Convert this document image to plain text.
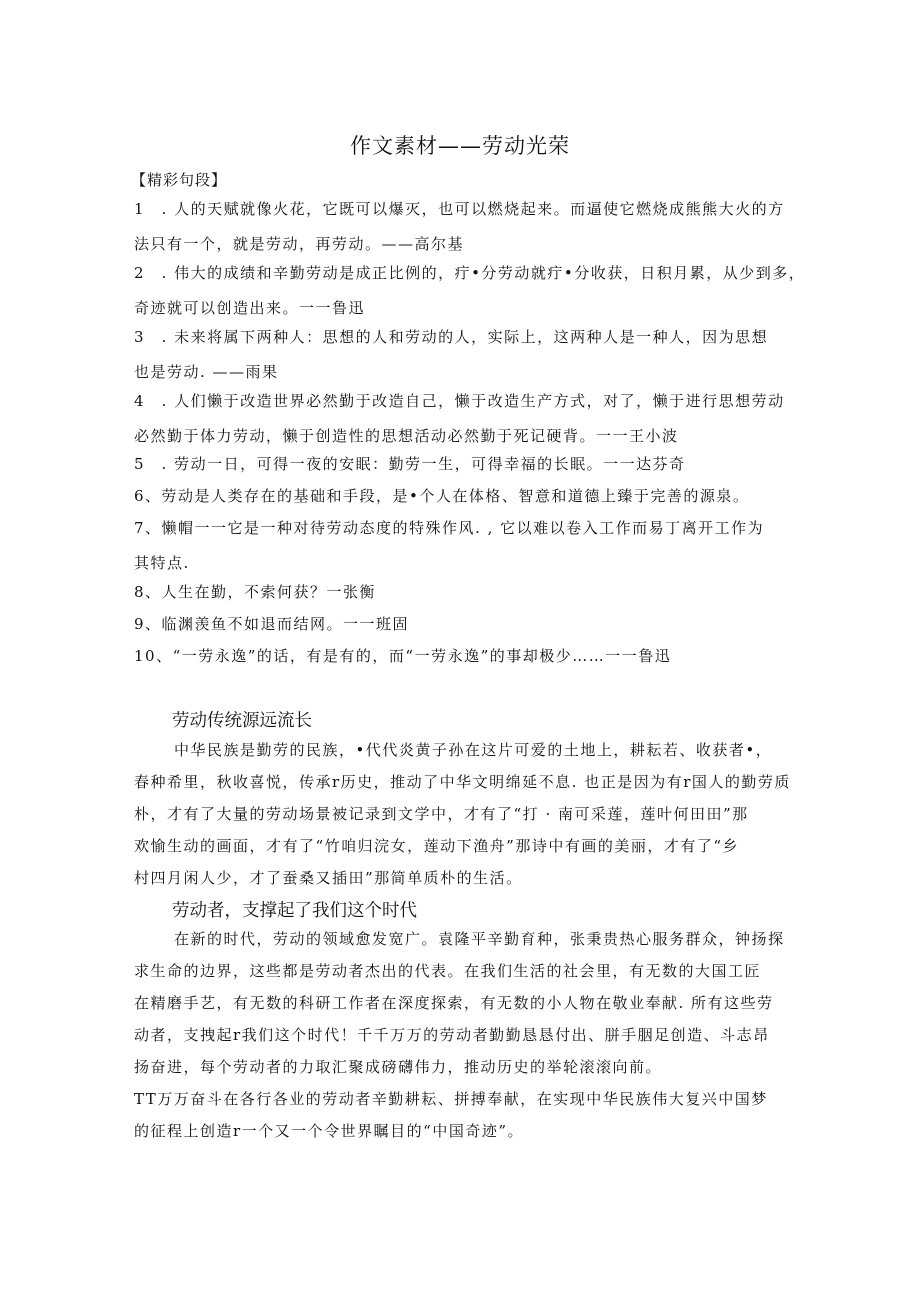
作文素材——劳动光荣
【精彩句段】
1　. 人的天赋就像火花，它既可以爆灭，也可以燃烧起来。而逼使它燃烧成熊熊大火的方
法只有一个，就是劳动，再劳动。——高尔基
2　. 伟大的成绩和辛勤劳动是成正比例的，疔•分劳动就疔•分收获，日积月累，从少到多，
奇迹就可以创造出来。一一鲁迅
3　. 未来将属下两种人：思想的人和劳动的人，实际上，这两种人是一种人，因为思想
也是劳动. ——雨果
4　. 人们懒于改造世界必然勤于改造自己，懒于改造生产方式，对了，懒于进行思想劳动
必然勤于体力劳动，懒于创造性的思想活动必然勤于死记硬背。一一王小波
5　. 劳动一日，可得一夜的安眠：勤劳一生，可得幸福的长眠。一一达芬奇
6、劳动是人类存在的基础和手段，是•个人在体格、智意和道德上臻于完善的源泉。
7、懒帽一一它是一种对待劳动态度的特殊作风. , 它以难以卷入工作而易丁离开工作为
其特点.
8、人生在勤，不索何获？一张衡
9、临渊羡鱼不如退而结网。一一班固
10、“一劳永逸”的话，有是有的，而“一劳永逸”的事却极少……一一鲁迅
劳动传统源远流长
中华民族是勤劳的民族，•代代炎黄子孙在这片可爱的土地上，耕耘若、收获者•，
春种希里，秋收喜悦，传承r历史，推动了中华文明绵延不息. 也正是因为有r国人的勤劳质
朴，才有了大量的劳动场景被记录到文学中，才有了“打 · 南可采莲，莲叶何田田”那
欢愉生动的画面，才有了“竹咱归浣女，莲动下渔舟”那诗中有画的美丽，才有了“乡
村四月闲人少，才了蚕桑又插田”那简单质朴的生活。
劳动者，支撑起了我们这个时代
在新的时代，劳动的领域愈发宽广。袁隆平辛勤育种，张秉贵热心服务群众，钟扬探
求生命的边界，这些都是劳动者杰出的代表。在我们生活的社会里，有无数的大国工匠
在精磨手艺，有无数的科研工作者在深度探索，有无数的小人物在敬业奉献. 所有这些劳
动者，支拽起r我们这个时代！千千万万的劳动者勤勤恳恳付出、胼手胭足创造、斗志昂
扬奋进，每个劳动者的力取汇聚成磅礴伟力，推动历史的举轮滚滚向前。
TT万万奋斗在各行各业的劳动者辛勤耕耘、拼搏奉献，在实现中华民族伟大复兴中国梦
的征程上创造r一个又一个令世界瞩目的“中国奇迹”。
